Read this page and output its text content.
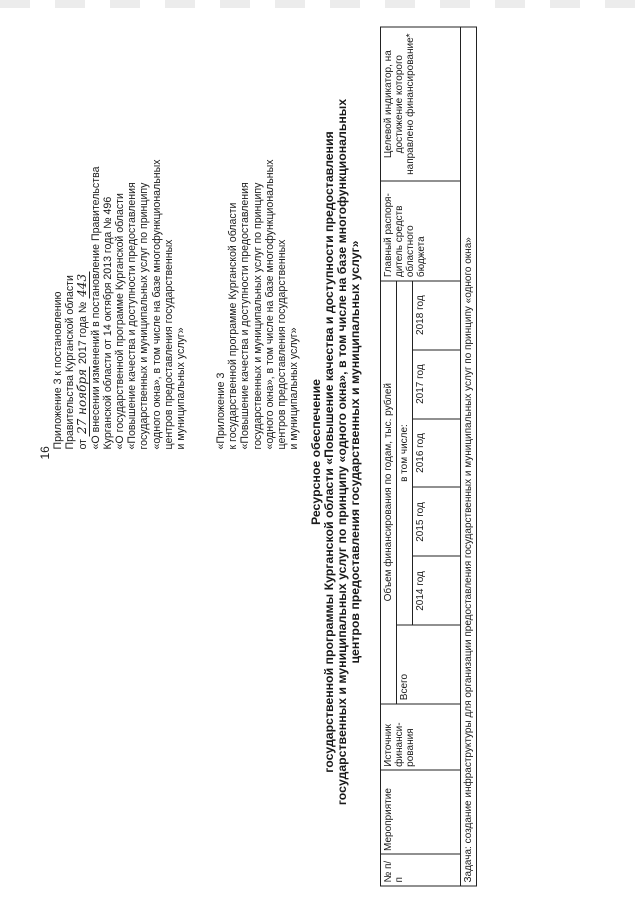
16
Приложение 3 к постановлению Правительства Курганской области от 27 ноября 2017 года № 443 «О внесении изменений в постановление Правительства Курганской области от 14 октября 2013 года № 496 «О государственной программе Курганской области «Повышение качества и доступности предоставления государственных и муниципальных услуг по принципу «одного окна», в том числе на базе многофункциональных центров предоставления государственных и муниципальных услуг»	«Приложение 3 к государственной программе Курганской области «Повышение качества и доступности предоставления государственных и муниципальных услуг по принципу «одного окна», в том числе на базе многофункциональных центров предоставления государственных и муниципальных услуг» Ресурсное обеспечение государственной программы Курганской области «Повышение качества и доступности предоставления государственных и муниципальных услуг по принципу «одного окна», в том числе на базе многофункциональных центров предоставления государственных и муниципальных услуг»
№ п/п	Мероприятие	Источник финанси- рования	Объем финансирования по годам, тыс. рублей						Главный распоря- дитель средств областного бюджета	Целевой индикатор, на достижение которого направлено финансирование*
			Всего	в том числе:						
				2014 год	2015 год	2016 год	2017 год	2018 год		
Задача: создание инфраструктуры для организации предоставления государственных и муниципальных услуг по принципу «одного окна»										
